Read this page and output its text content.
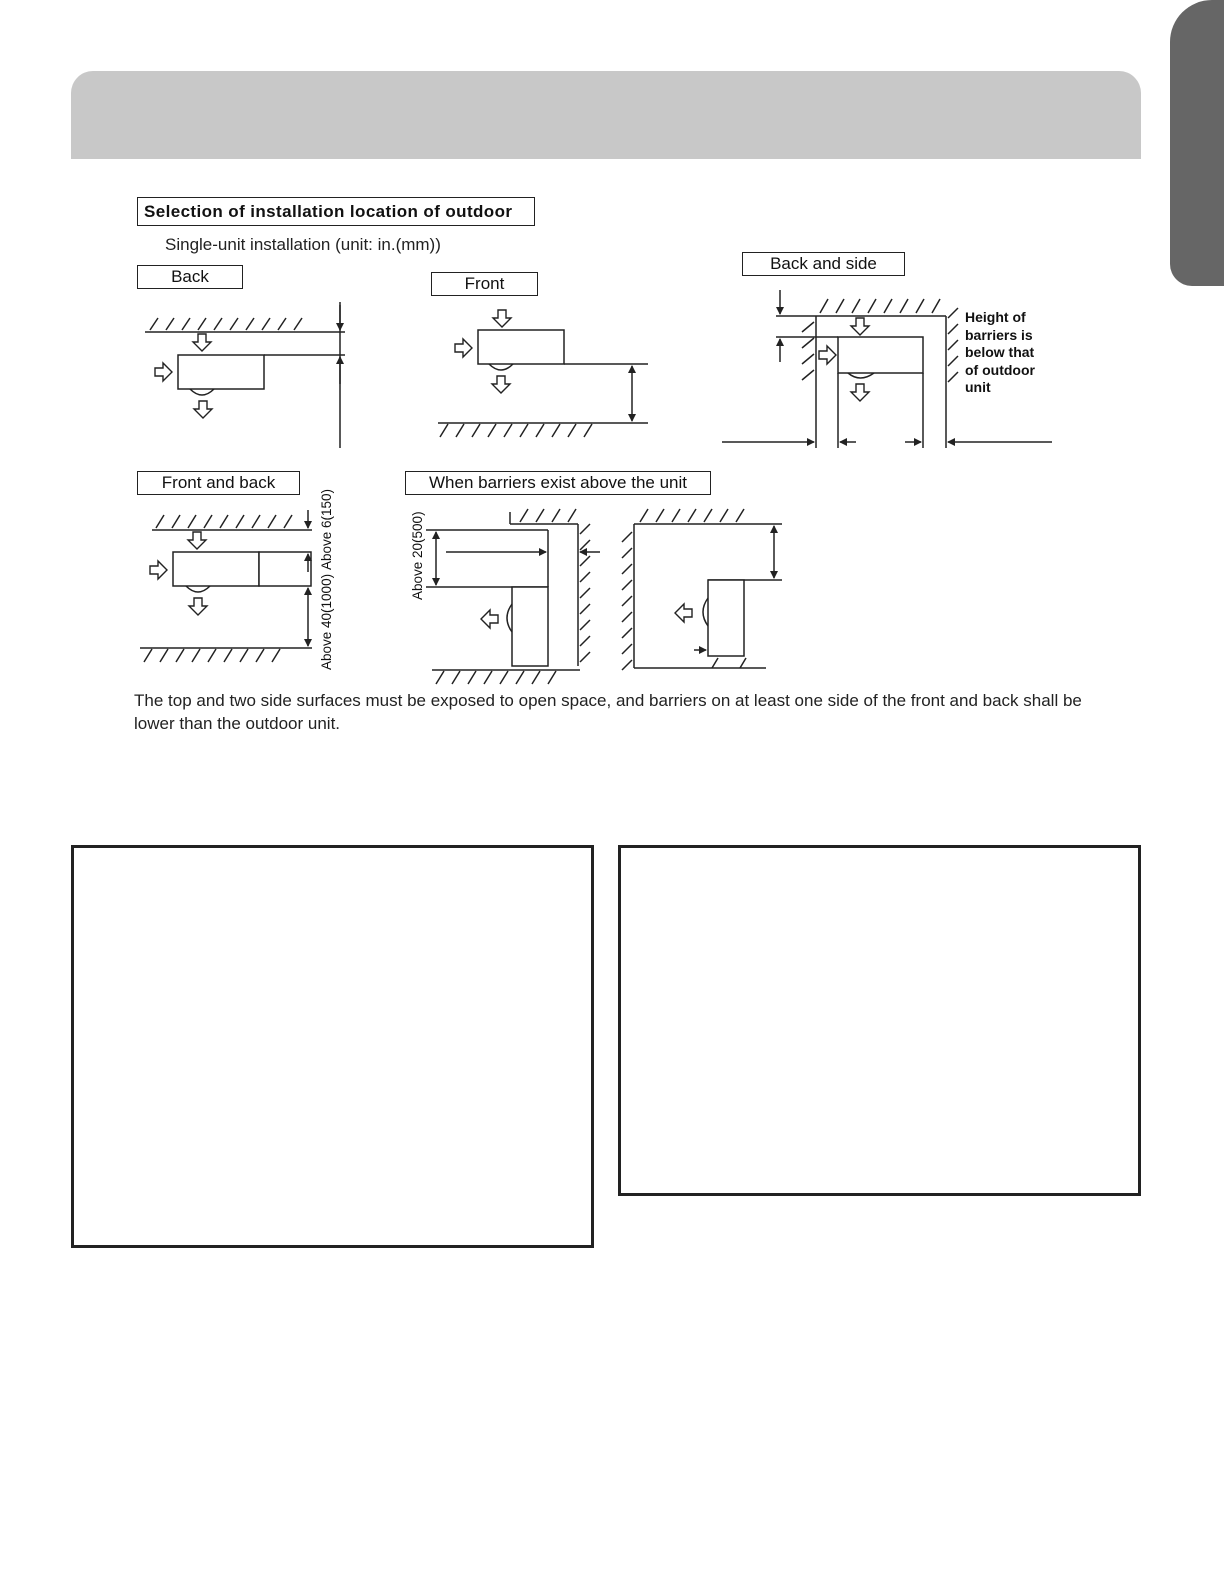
Selection of installation location of outdoor
Single-unit installation (unit: in.(mm))
Back	Front
Back and side
Front and back	When barriers exist above the unit
Height of
barriers is
below that
of outdoor
unit
Above 6(150)
Above 40(1000)
Above 20(500)
The top and two side surfaces must be exposed to open space, and barriers on at least one side of the front and back shall be lower than the outdoor unit.
